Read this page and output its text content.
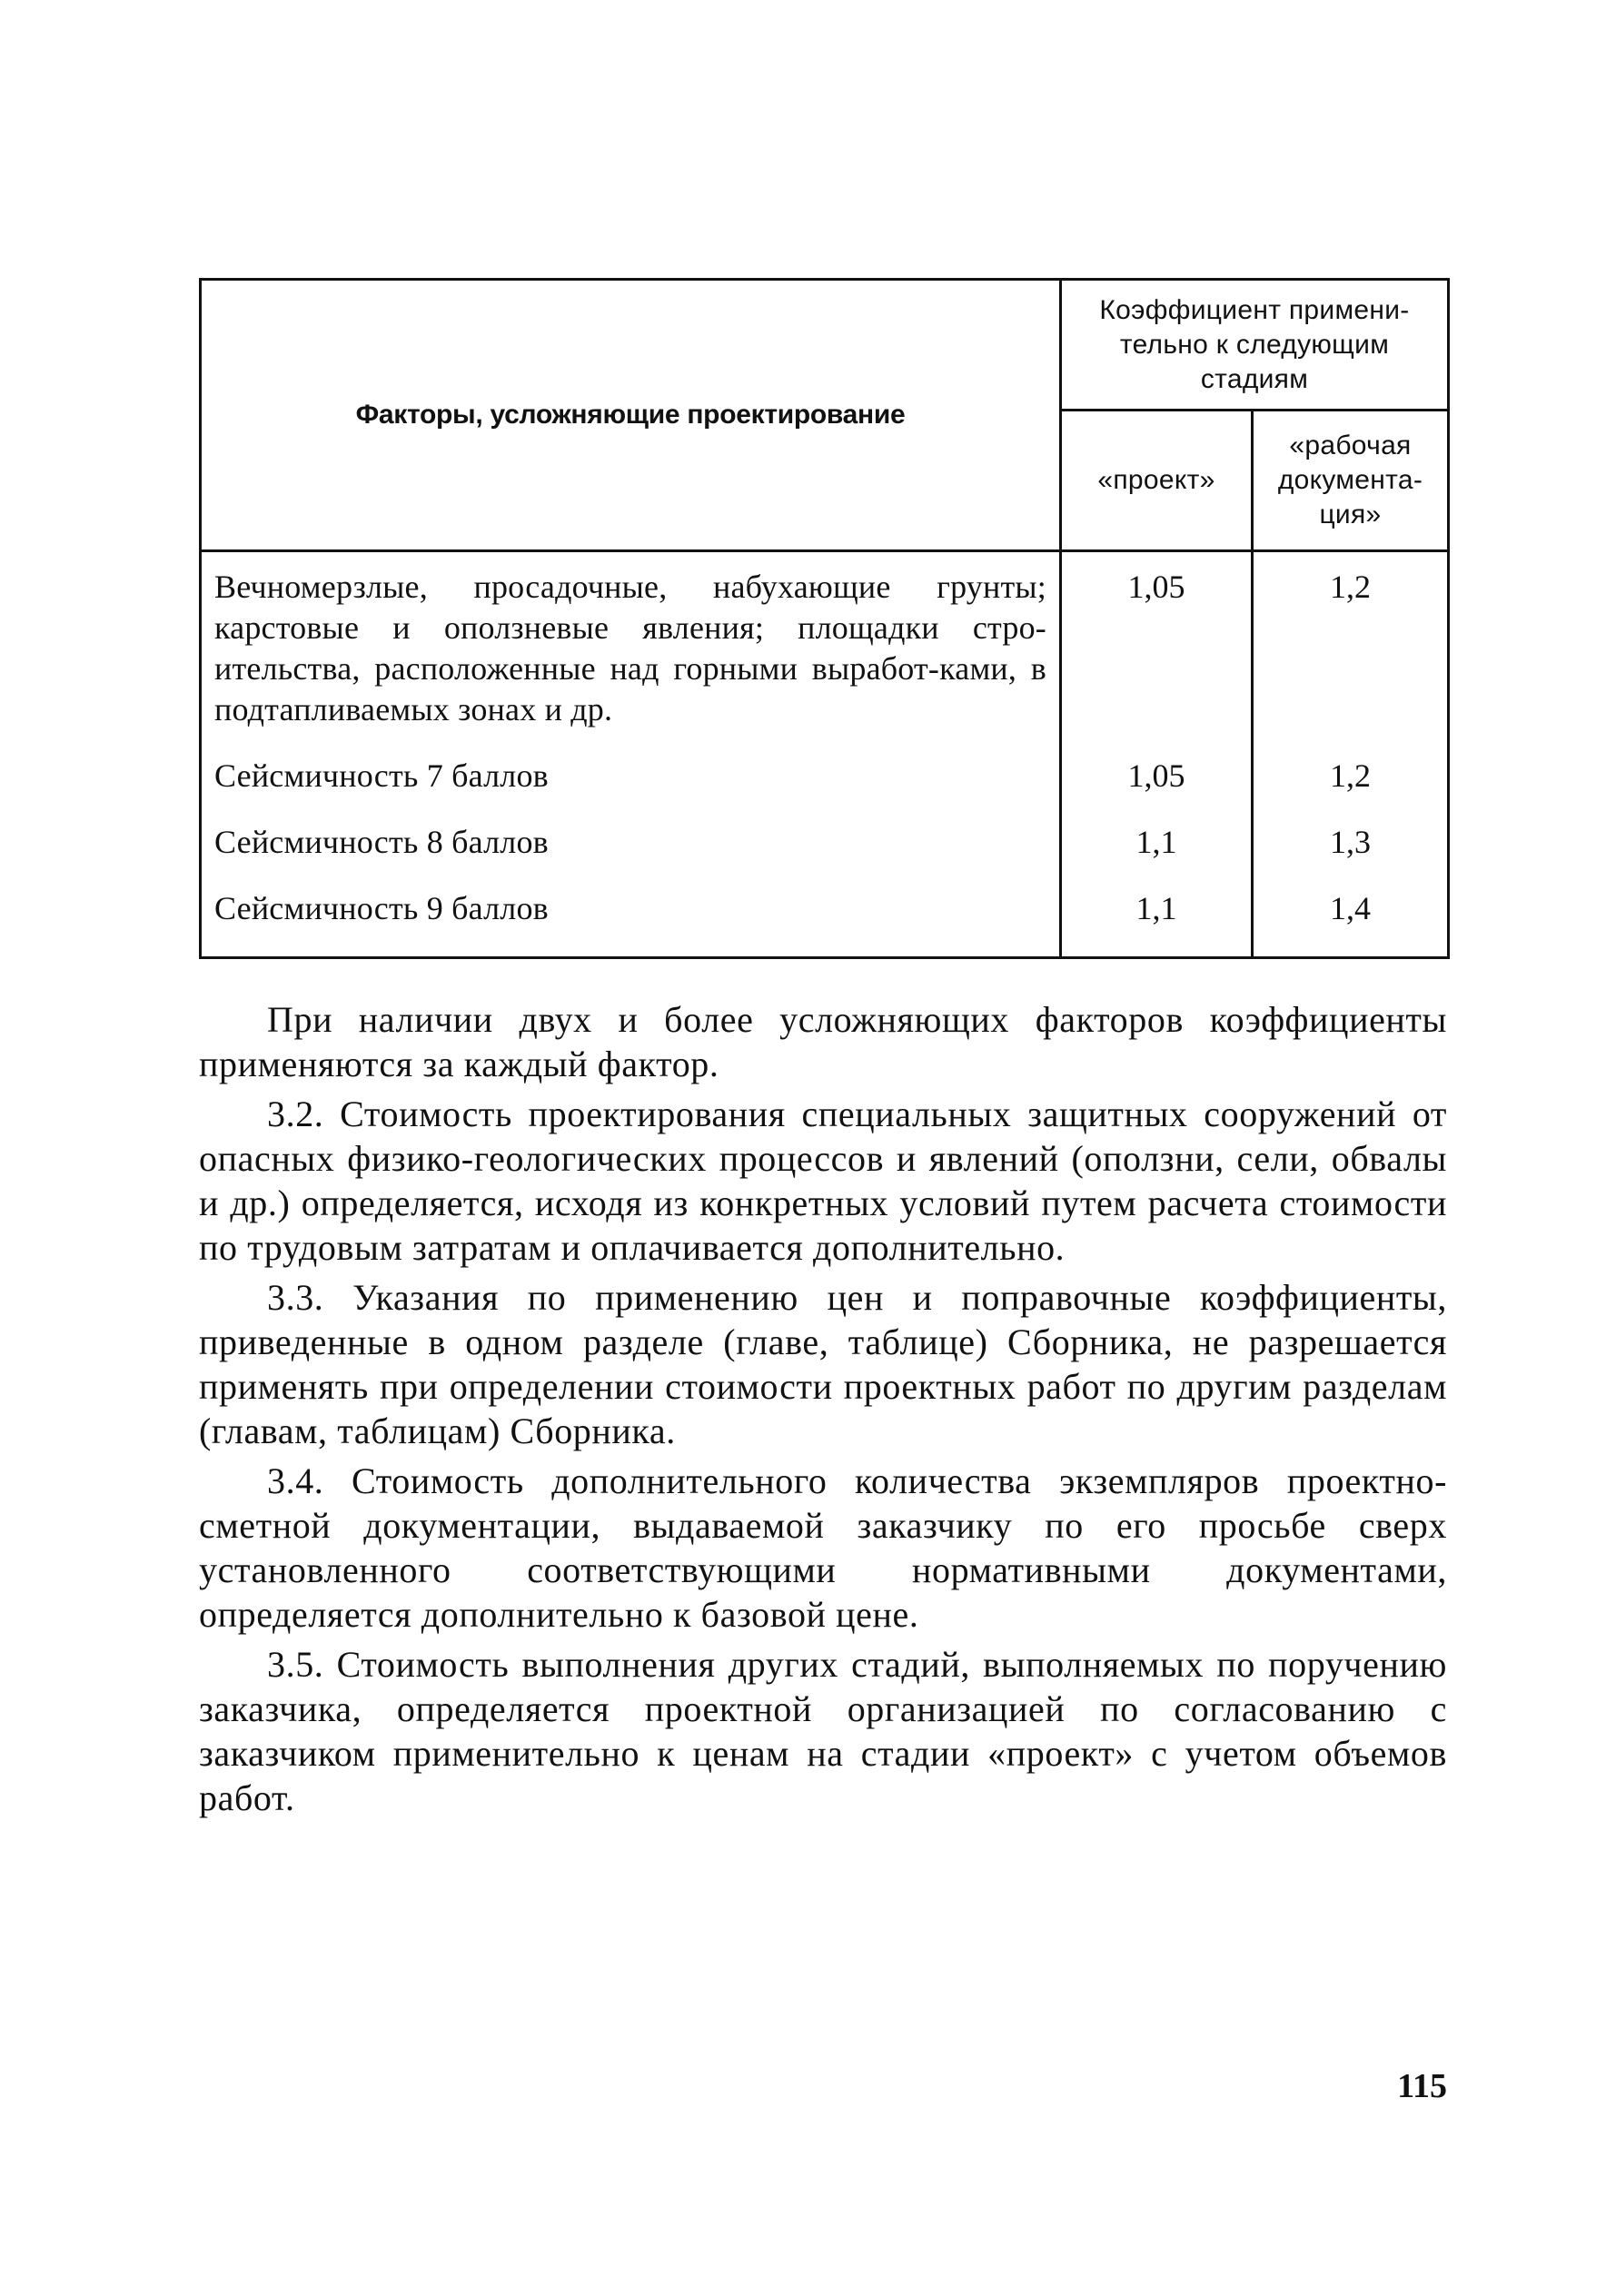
Факторы, усложняющие проектирование	Коэффициент примени-тельно к следующим стадиям	

	«проект»	«рабочая документа-ция»

Вечномерзлые, просадочные, набухающие грунты; карстовые и оползневые явления; площадки стро-ительства, расположенные над горными выработ-ками, в подтапливаемых зонах и др.	1,05	1,2
Сейсмичность 7 баллов	1,05	1,2
Сейсмичность 8 баллов	1,1	1,3
Сейсмичность 9 баллов	1,1	1,4

При наличии двух и более усложняющих факторов коэффициенты применяются за каждый фактор.

3.2. Стоимость проектирования специальных защитных сооружений от опасных физико-геологических процессов и явлений (оползни, сели, обвалы и др.) определяется, исходя из конкретных условий путем расчета стоимости по трудовым затратам и оплачивается дополнительно.

3.3. Указания по применению цен и поправочные коэффициенты, приведенные в одном разделе (главе, таблице) Сборника, не разрешается применять при определении стоимости проектных работ по другим разделам (главам, таблицам) Сборника.

3.4. Стоимость дополнительного количества экземпляров проектно-сметной документации, выдаваемой заказчику по его просьбе сверх установленного соответствующими нормативными документами, определяется дополнительно к базовой цене.

3.5. Стоимость выполнения других стадий, выполняемых по поручению заказчика, определяется проектной организацией по согласованию с заказчиком применительно к ценам на стадии «проект» с учетом объемов работ.

115
